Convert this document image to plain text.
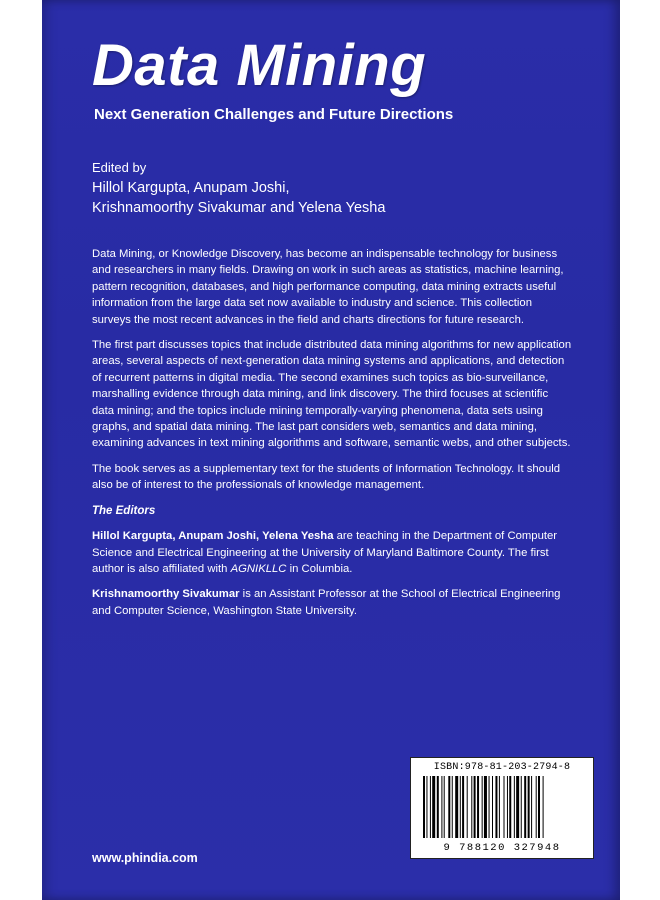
Data Mining
Next Generation Challenges and Future Directions
Edited by
Hillol Kargupta, Anupam Joshi,
Krishnamoorthy Sivakumar and Yelena Yesha

Data Mining, or Knowledge Discovery, has become an indispensable technology for business and researchers in many fields. Drawing on work in such areas as statistics, machine learning, pattern recognition, databases, and high performance computing, data mining extracts useful information from the large data set now available to industry and science. This collection surveys the most recent advances in the field and charts directions for future research.

The first part discusses topics that include distributed data mining algorithms for new application areas, several aspects of next-generation data mining systems and applications, and detection of recurrent patterns in digital media. The second examines such topics as bio-surveillance, marshalling evidence through data mining, and link discovery. The third focuses at scientific data mining; and the topics include mining temporally-varying phenomena, data sets using graphs, and spatial data mining. The last part considers web, semantics and data mining, examining advances in text mining algorithms and software, semantic webs, and other subjects.

The book serves as a supplementary text for the students of Information Technology. It should also be of interest to the professionals of knowledge management.

The Editors

Hillol Kargupta, Anupam Joshi, Yelena Yesha are teaching in the Department of Computer Science and Electrical Engineering at the University of Maryland Baltimore County. The first author is also affiliated with AGNIKLLC in Columbia.

Krishnamoorthy Sivakumar is an Assistant Professor at the School of Electrical Engineering and Computer Science, Washington State University.

ISBN:978-81-203-2794-8
9 788120 327948
www.phindia.com
